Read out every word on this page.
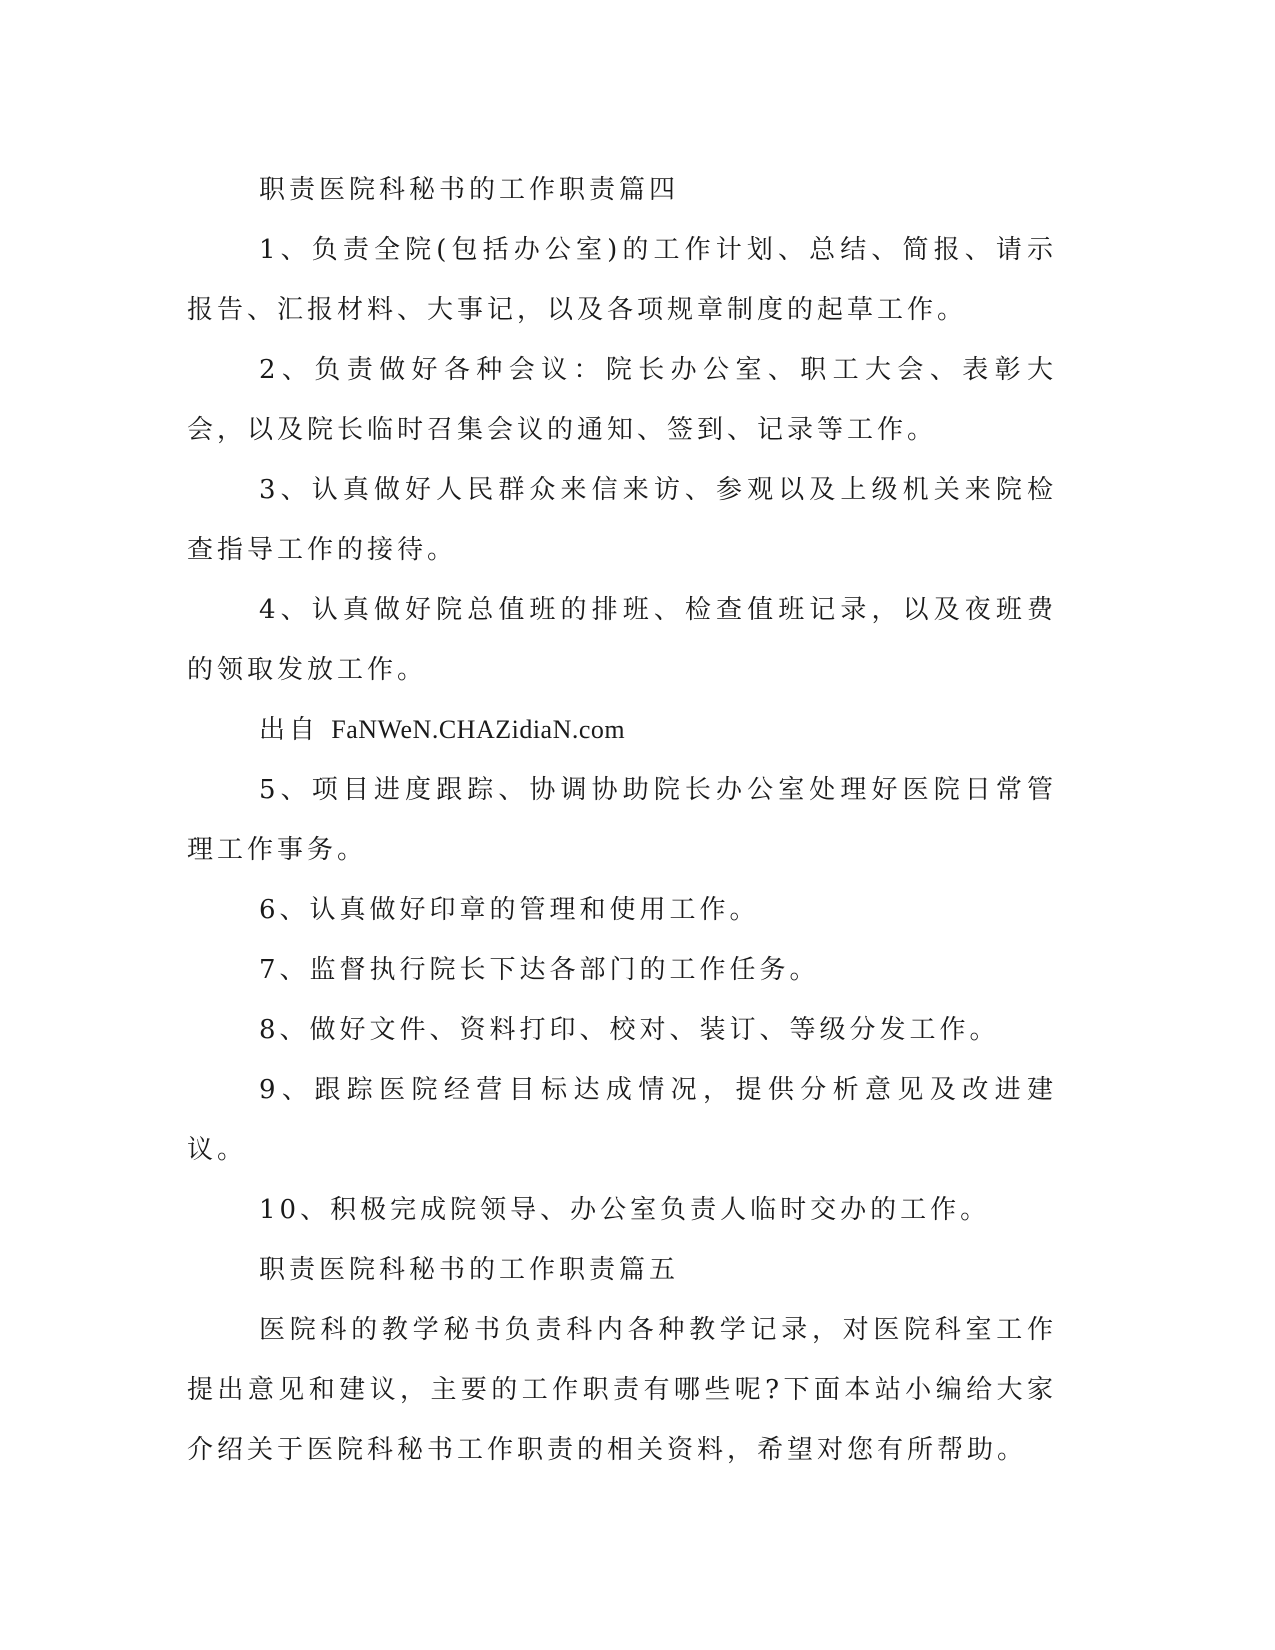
职责医院科秘书的工作职责篇四

1、负责全院(包括办公室)的工作计划、总结、简报、请示报告、汇报材料、大事记，以及各项规章制度的起草工作。

2、负责做好各种会议：院长办公室、职工大会、表彰大会，以及院长临时召集会议的通知、签到、记录等工作。

3、认真做好人民群众来信来访、参观以及上级机关来院检查指导工作的接待。

4、认真做好院总值班的排班、检查值班记录，以及夜班费的领取发放工作。

出自 FaNWeN.CHAZidiaN.com

5、项目进度跟踪、协调协助院长办公室处理好医院日常管理工作事务。

6、认真做好印章的管理和使用工作。

7、监督执行院长下达各部门的工作任务。

8、做好文件、资料打印、校对、装订、等级分发工作。

9、跟踪医院经营目标达成情况，提供分析意见及改进建议。

10、积极完成院领导、办公室负责人临时交办的工作。

职责医院科秘书的工作职责篇五

医院科的教学秘书负责科内各种教学记录，对医院科室工作提出意见和建议，主要的工作职责有哪些呢?下面本站小编给大家介绍关于医院科秘书工作职责的相关资料，希望对您有所帮助。
